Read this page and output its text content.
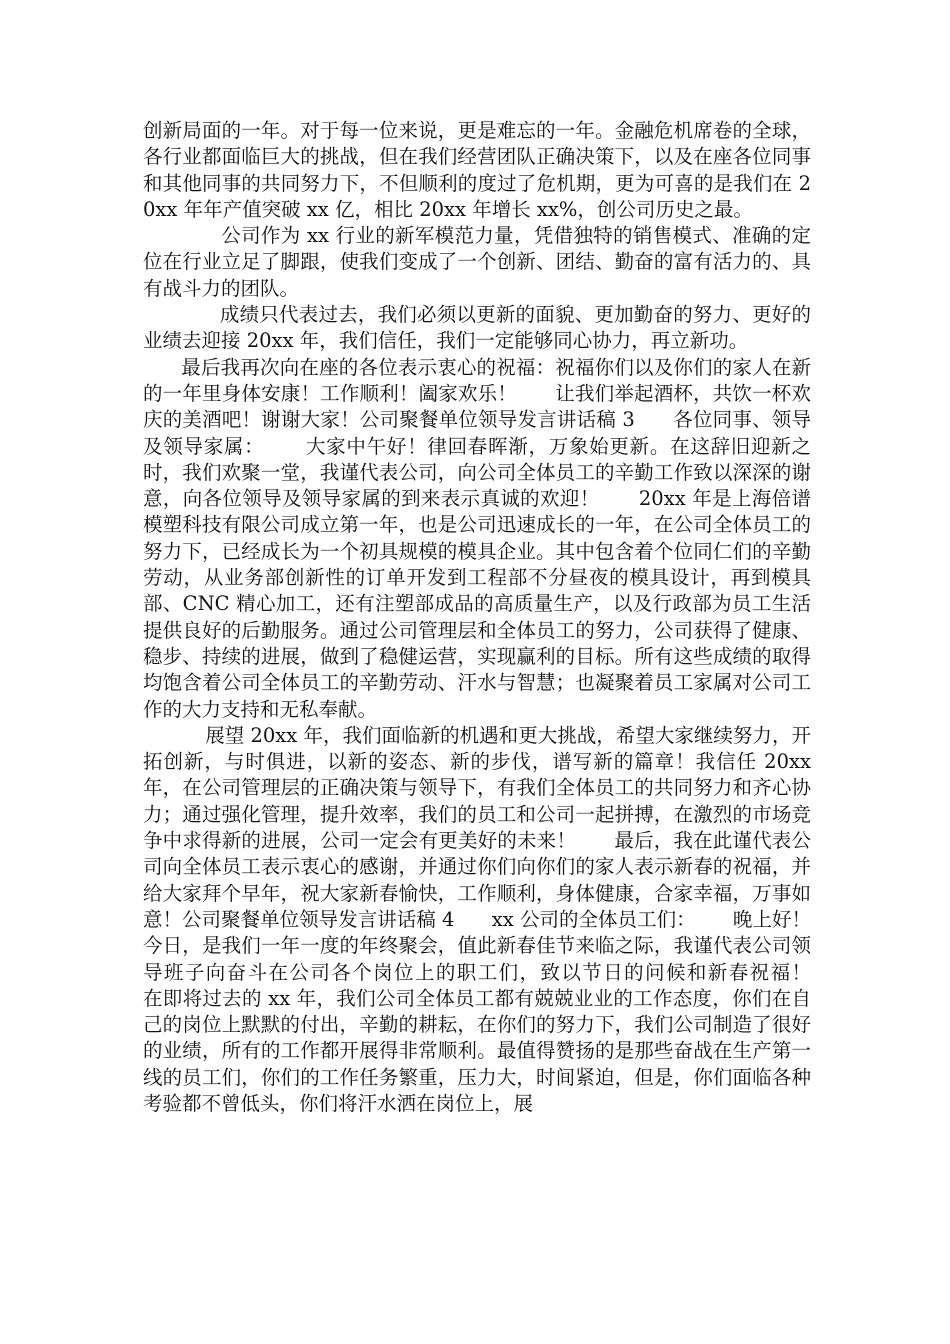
创新局面的一年。对于每一位来说，更是难忘的一年。金融危机席卷的全球，各行业都面临巨大的挑战，但在我们经营团队正确决策下，以及在座各位同事和其他同事的共同努力下，不但顺利的度过了危机期，更为可喜的是我们在 20xx 年年产值突破 xx 亿，相比 20xx 年增长 xx%，创公司历史之最。

公司作为 xx 行业的新军模范力量，凭借独特的销售模式、准确的定位在行业立足了脚跟，使我们变成了一个创新、团结、勤奋的富有活力的、具有战斗力的团队。

成绩只代表过去，我们必须以更新的面貌、更加勤奋的努力、更好的业绩去迎接 20xx 年，我们信任，我们一定能够同心协力，再立新功。

最后我再次向在座的各位表示衷心的祝福：祝福你们以及你们的家人在新的一年里身体安康！工作顺利！阖家欢乐！      让我们举起酒杯，共饮一杯欢庆的美酒吧！谢谢大家！公司聚餐单位领导发言讲话稿 3      各位同事、领导及领导家属：      大家中午好！律回春晖渐，万象始更新。在这辞旧迎新之时，我们欢聚一堂，我谨代表公司，向公司全体员工的辛勤工作致以深深的谢意，向各位领导及领导家属的到来表示真诚的欢迎！      20xx 年是上海倍谱模塑科技有限公司成立第一年，也是公司迅速成长的一年，在公司全体员工的努力下，已经成长为一个初具规模的模具企业。其中包含着个位同仁们的辛勤劳动，从业务部创新性的订单开发到工程部不分昼夜的模具设计，再到模具部、CNC 精心加工，还有注塑部成品的高质量生产，以及行政部为员工生活提供良好的后勤服务。通过公司管理层和全体员工的努力，公司获得了健康、稳步、持续的进展，做到了稳健运营，实现赢利的目标。所有这些成绩的取得均饱含着公司全体员工的辛勤劳动、汗水与智慧；也凝聚着员工家属对公司工作的大力支持和无私奉献。

展望 20xx 年，我们面临新的机遇和更大挑战，希望大家继续努力，开拓创新，与时俱进，以新的姿态、新的步伐，谱写新的篇章！我信任 20xx 年，在公司管理层的正确决策与领导下，有我们全体员工的共同努力和齐心协力；通过强化管理，提升效率，我们的员工和公司一起拼搏，在激烈的市场竞争中求得新的进展，公司一定会有更美好的未来！      最后，我在此谨代表公司向全体员工表示衷心的感谢，并通过你们向你们的家人表示新春的祝福，并给大家拜个早年，祝大家新春愉快，工作顺利，身体健康，合家幸福，万事如意！公司聚餐单位领导发言讲话稿 4      xx 公司的全体员工们：      晚上好！      今日，是我们一年一度的年终聚会，值此新春佳节来临之际，我谨代表公司领导班子向奋斗在公司各个岗位上的职工们，致以节日的问候和新春祝福！      在即将过去的 xx 年，我们公司全体员工都有兢兢业业的工作态度，你们在自己的岗位上默默的付出，辛勤的耕耘，在你们的努力下，我们公司制造了很好的业绩，所有的工作都开展得非常顺利。最值得赞扬的是那些奋战在生产第一线的员工们，你们的工作任务繁重，压力大，时间紧迫，但是，你们面临各种考验都不曾低头，你们将汗水洒在岗位上，展
